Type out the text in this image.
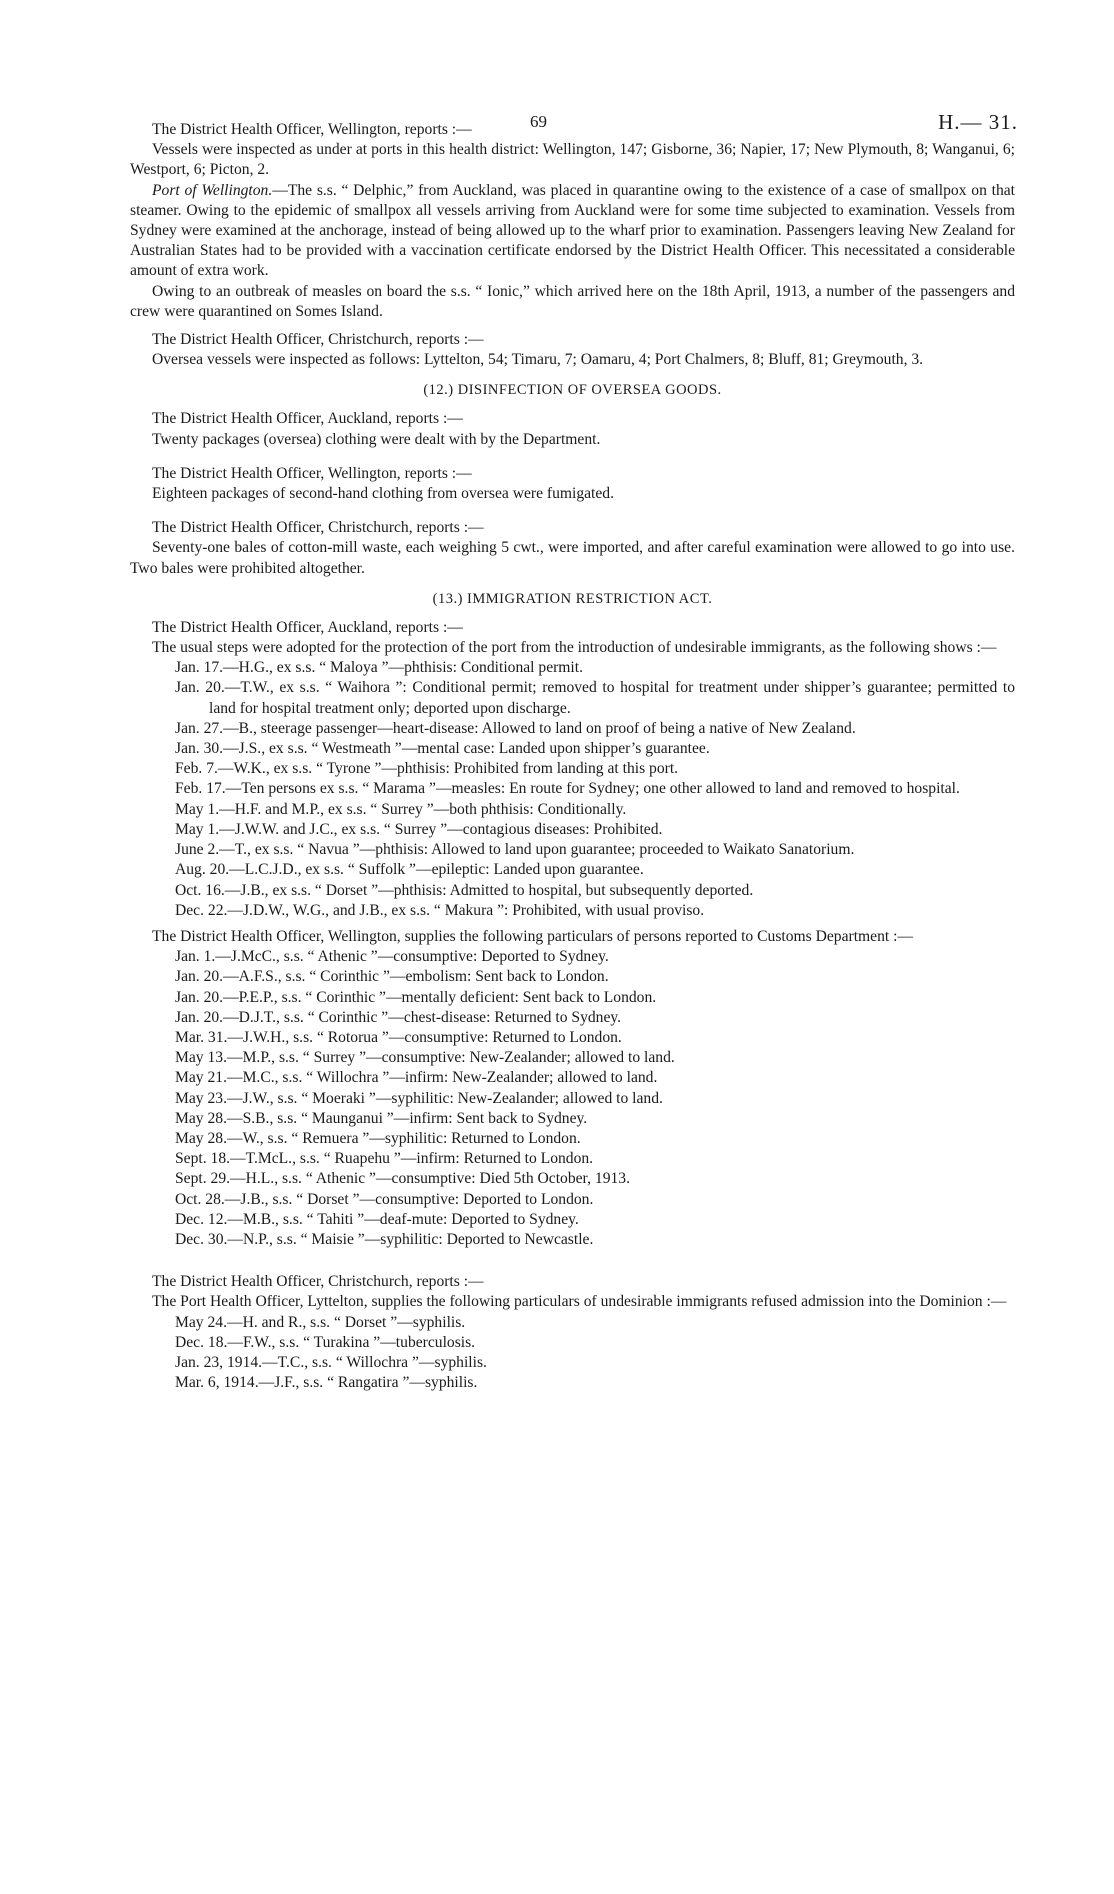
69	H.— 31.

The District Health Officer, Wellington, reports :—

Vessels were inspected as under at ports in this health district: Wellington, 147; Gisborne, 36; Napier, 17; New Plymouth, 8; Wanganui, 6; Westport, 6; Picton, 2.

Port of Wellington.—The s.s. “ Delphic,” from Auckland, was placed in quarantine owing to the existence of a case of smallpox on that steamer. Owing to the epidemic of smallpox all vessels arriving from Auckland were for some time subjected to examination. Vessels from Sydney were examined at the anchorage, instead of being allowed up to the wharf prior to examination. Passengers leaving New Zealand for Australian States had to be provided with a vaccination certificate endorsed by the District Health Officer. This necessitated a considerable amount of extra work.

Owing to an outbreak of measles on board the s.s. “ Ionic,” which arrived here on the 18th April, 1913, a number of the passengers and crew were quarantined on Somes Island.

The District Health Officer, Christchurch, reports :—

Oversea vessels were inspected as follows: Lyttelton, 54; Timaru, 7; Oamaru, 4; Port Chalmers, 8; Bluff, 81; Greymouth, 3.

(12.) DISINFECTION OF OVERSEA GOODS.

The District Health Officer, Auckland, reports :—

Twenty packages (oversea) clothing were dealt with by the Department.

The District Health Officer, Wellington, reports :—

Eighteen packages of second-hand clothing from oversea were fumigated.

The District Health Officer, Christchurch, reports :—

Seventy-one bales of cotton-mill waste, each weighing 5 cwt., were imported, and after careful examination were allowed to go into use. Two bales were prohibited altogether.

(13.) IMMIGRATION RESTRICTION ACT.

The District Health Officer, Auckland, reports :—

The usual steps were adopted for the protection of the port from the introduction of undesirable immigrants, as the following shows :—

Jan. 17.—H.G., ex s.s. “ Maloya ”—phthisis: Conditional permit.
Jan. 20.—T.W., ex s.s. “ Waihora ”: Conditional permit; removed to hospital for treatment under shipper’s guarantee; permitted to land for hospital treatment only; deported upon discharge.
Jan. 27.—B., steerage passenger—heart-disease: Allowed to land on proof of being a native of New Zealand.
Jan. 30.—J.S., ex s.s. “ Westmeath ”—mental case: Landed upon shipper’s guarantee.
Feb. 7.—W.K., ex s.s. “ Tyrone ”—phthisis: Prohibited from landing at this port.
Feb. 17.—Ten persons ex s.s. “ Marama ”—measles: En route for Sydney; one other allowed to land and removed to hospital.
May 1.—H.F. and M.P., ex s.s. “ Surrey ”—both phthisis: Conditionally.
May 1.—J.W.W. and J.C., ex s.s. “ Surrey ”—contagious diseases: Prohibited.
June 2.—T., ex s.s. “ Navua ”—phthisis: Allowed to land upon guarantee; proceeded to Waikato Sanatorium.
Aug. 20.—L.C.J.D., ex s.s. “ Suffolk ”—epileptic: Landed upon guarantee.
Oct. 16.—J.B., ex s.s. “ Dorset ”—phthisis: Admitted to hospital, but subsequently deported.
Dec. 22.—J.D.W., W.G., and J.B., ex s.s. “ Makura ”: Prohibited, with usual proviso.

The District Health Officer, Wellington, supplies the following particulars of persons reported to Customs Department :—

Jan. 1.—J.McC., s.s. “ Athenic ”—consumptive: Deported to Sydney.
Jan. 20.—A.F.S., s.s. “ Corinthic ”—embolism: Sent back to London.
Jan. 20.—P.E.P., s.s. “ Corinthic ”—mentally deficient: Sent back to London.
Jan. 20.—D.J.T., s.s. “ Corinthic ”—chest-disease: Returned to Sydney.
Mar. 31.—J.W.H., s.s. “ Rotorua ”—consumptive: Returned to London.
May 13.—M.P., s.s. “ Surrey ”—consumptive: New-Zealander; allowed to land.
May 21.—M.C., s.s. “ Willochra ”—infirm: New-Zealander; allowed to land.
May 23.—J.W., s.s. “ Moeraki ”—syphilitic: New-Zealander; allowed to land.
May 28.—S.B., s.s. “ Maunganui ”—infirm: Sent back to Sydney.
May 28.—W., s.s. “ Remuera ”—syphilitic: Returned to London.
Sept. 18.—T.McL., s.s. “ Ruapehu ”—infirm: Returned to London.
Sept. 29.—H.L., s.s. “ Athenic ”—consumptive: Died 5th October, 1913.
Oct. 28.—J.B., s.s. “ Dorset ”—consumptive: Deported to London.
Dec. 12.—M.B., s.s. “ Tahiti ”—deaf-mute: Deported to Sydney.
Dec. 30.—N.P., s.s. “ Maisie ”—syphilitic: Deported to Newcastle.

The District Health Officer, Christchurch, reports :—

The Port Health Officer, Lyttelton, supplies the following particulars of undesirable immigrants refused admission into the Dominion :—

May 24.—H. and R., s.s. “ Dorset ”—syphilis.
Dec. 18.—F.W., s.s. “ Turakina ”—tuberculosis.
Jan. 23, 1914.—T.C., s.s. “ Willochra ”—syphilis.
Mar. 6, 1914.—J.F., s.s. “ Rangatira ”—syphilis.
